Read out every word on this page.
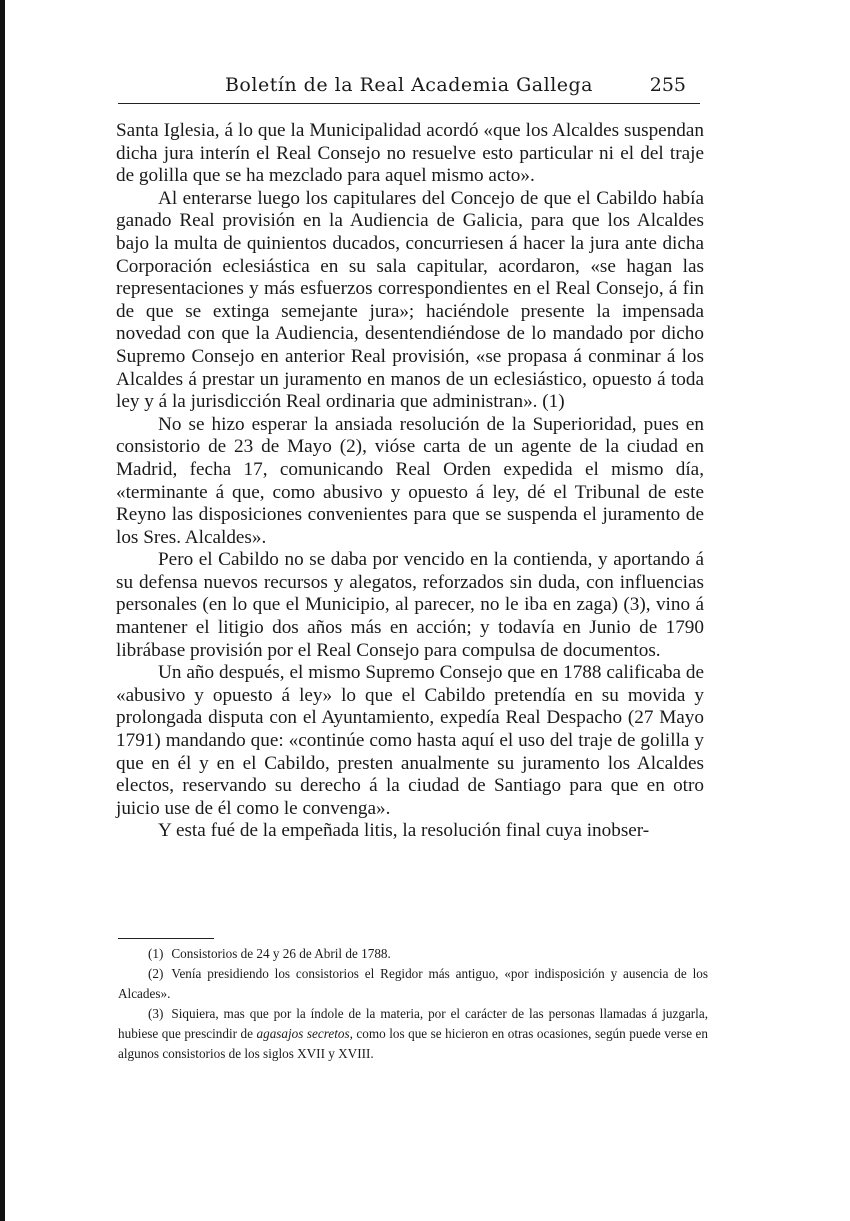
Boletín de la Real Academia Gallega	255

Santa Iglesia, á lo que la Municipalidad acordó «que los Alcaldes suspendan dicha jura interín el Real Consejo no resuelve esto particular ni el del traje de golilla que se ha mezclado para aquel mismo acto».

Al enterarse luego los capitulares del Concejo de que el Cabildo había ganado Real provisión en la Audiencia de Galicia, para que los Alcaldes bajo la multa de quinientos ducados, concurriesen á hacer la jura ante dicha Corporación eclesiástica en su sala capitular, acordaron, «se hagan las representaciones y más esfuerzos correspondientes en el Real Consejo, á fin de que se extinga semejante jura»; haciéndole presente la impensada novedad con que la Audiencia, desentendiéndose de lo mandado por dicho Supremo Consejo en anterior Real provisión, «se propasa á conminar á los Alcaldes á prestar un juramento en manos de un eclesiástico, opuesto á toda ley y á la jurisdicción Real ordinaria que administran». (1)

No se hizo esperar la ansiada resolución de la Superioridad, pues en consistorio de 23 de Mayo (2), vióse carta de un agente de la ciudad en Madrid, fecha 17, comunicando Real Orden expedida el mismo día, «terminante á que, como abusivo y opuesto á ley, dé el Tribunal de este Reyno las disposiciones convenientes para que se suspenda el juramento de los Sres. Alcaldes».

Pero el Cabildo no se daba por vencido en la contienda, y aportando á su defensa nuevos recursos y alegatos, reforzados sin duda, con influencias personales (en lo que el Municipio, al parecer, no le iba en zaga) (3), vino á mantener el litigio dos años más en acción; y todavía en Junio de 1790 librábase provisión por el Real Consejo para compulsa de documentos.

Un año después, el mismo Supremo Consejo que en 1788 calificaba de «abusivo y opuesto á ley» lo que el Cabildo pretendía en su movida y prolongada disputa con el Ayuntamiento, expedía Real Despacho (27 Mayo 1791) mandando que: «continúe como hasta aquí el uso del traje de golilla y que en él y en el Cabildo, presten anualmente su juramento los Alcaldes electos, reservando su derecho á la ciudad de Santiago para que en otro juicio use de él como le convenga».

Y esta fué de la empeñada litis, la resolución final cuya inobser-

(1) Consistorios de 24 y 26 de Abril de 1788.

(2) Venía presidiendo los consistorios el Regidor más antiguo, «por indisposición y ausencia de los Alcades».

(3) Siquiera, mas que por la índole de la materia, por el carácter de las personas llamadas á juzgarla, hubiese que prescindir de agasajos secretos, como los que se hicieron en otras ocasiones, según puede verse en algunos consistorios de los siglos XVII y XVIII.
